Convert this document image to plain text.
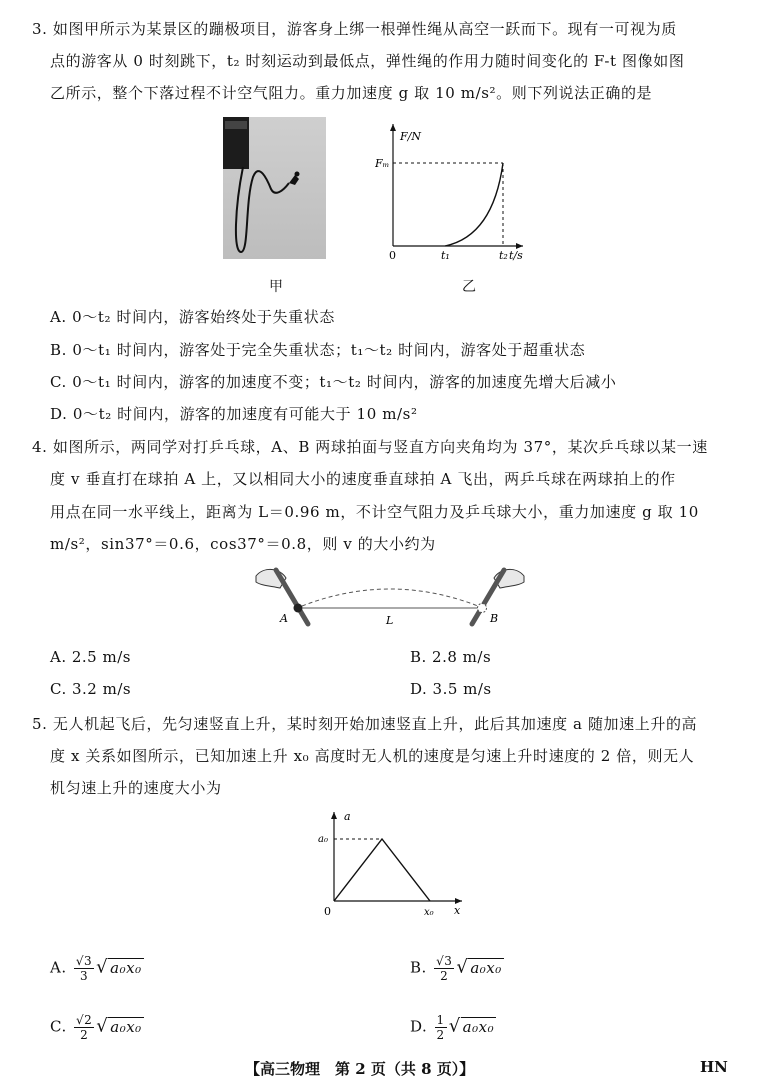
3. 如图甲所示为某景区的蹦极项目，游客身上绑一根弹性绳从高空一跃而下。现有一可视为质
点的游客从 0 时刻跳下，t₂ 时刻运动到最低点，弹性绳的作用力随时间变化的 F-t 图像如图
乙所示，整个下落过程不计空气阻力。重力加速度 g 取 10 m/s²。则下列说法正确的是
甲
F/N
Fₘ
0	t₁	t₂ t/s
乙
A. 0～t₂ 时间内，游客始终处于失重状态
B. 0～t₁ 时间内，游客处于完全失重状态；t₁～t₂ 时间内，游客处于超重状态
C. 0～t₁ 时间内，游客的加速度不变；t₁～t₂ 时间内，游客的加速度先增大后减小
D. 0～t₂ 时间内，游客的加速度有可能大于 10 m/s²
4. 如图所示，两同学对打乒乓球，A、B 两球拍面与竖直方向夹角均为 37°，某次乒乓球以某一速
度 v 垂直打在球拍 A 上，又以相同大小的速度垂直球拍 A 飞出，两乒乓球在两球拍上的作
用点在同一水平线上，距离为 L＝0.96 m，不计空气阻力及乒乓球大小，重力加速度 g 取 10
m/s²，sin37°＝0.6，cos37°＝0.8，则 v 的大小约为
A	L	B
A. 2.5 m/s	B. 2.8 m/s
C. 3.2 m/s	D. 3.5 m/s
5. 无人机起飞后，先匀速竖直上升，某时刻开始加速竖直上升，此后其加速度 a 随加速上升的高
度 x 关系如图所示，已知加速上升 x₀ 高度时无人机的速度是匀速上升时速度的 2 倍，则无人
机匀速上升的速度大小为
a
a₀
0	x₀ x
A. $\frac{√3}{3}$ √ a₀x₀	B. $\frac{√3}{2}$ √ a₀x₀
C. $\frac{√2}{2}$ √ a₀x₀	D. $\frac{1}{2}$ √ a₀x₀
【高三物理　第 2 页（共 8 页）】	HN
